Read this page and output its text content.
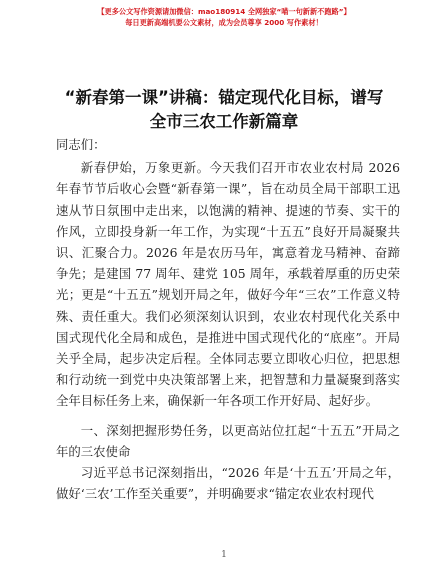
【更多公文写作资源请加微信：mao180914 全网独家“喵一句新新不跑路”】
每日更新高端机要公文素材，成为会员尊享 2000 写作素材！
“新春第一课”讲稿：锚定现代化目标，谱写
全市三农工作新篇章

同志们：

新春伊始，万象更新。今天我们召开市农业农村局 2026 年春节节后收心会暨“新春第一课”，旨在动员全局干部职工迅速从节日氛围中走出来，以饱满的精神、提速的节奏、实干的作风，立即投身新一年工作，为实现“十五五”良好开局凝聚共识、汇聚合力。2026 年是农历马年，寓意着龙马精神、奋蹄争先；是建国 77 周年、建党 105 周年，承载着厚重的历史荣光；更是“十五五”规划开局之年，做好今年“三农”工作意义特殊、责任重大。我们必须深刻认识到，农业农村现代化关系中国式现代化全局和成色，是推进中国式现代化的“底座”。开局关乎全局，起步决定后程。全体同志要立即收心归位，把思想和行动统一到党中央决策部署上来，把智慧和力量凝聚到落实全年目标任务上来，确保新一年各项工作开好局、起好步。

一、深刻把握形势任务，以更高站位扛起“十五五”开局之年的三农使命

习近平总书记深刻指出，“2026 年是‘十五五’开局之年，做好‘三农’工作至关重要”，并明确要求“锚定农业农村现代

1
